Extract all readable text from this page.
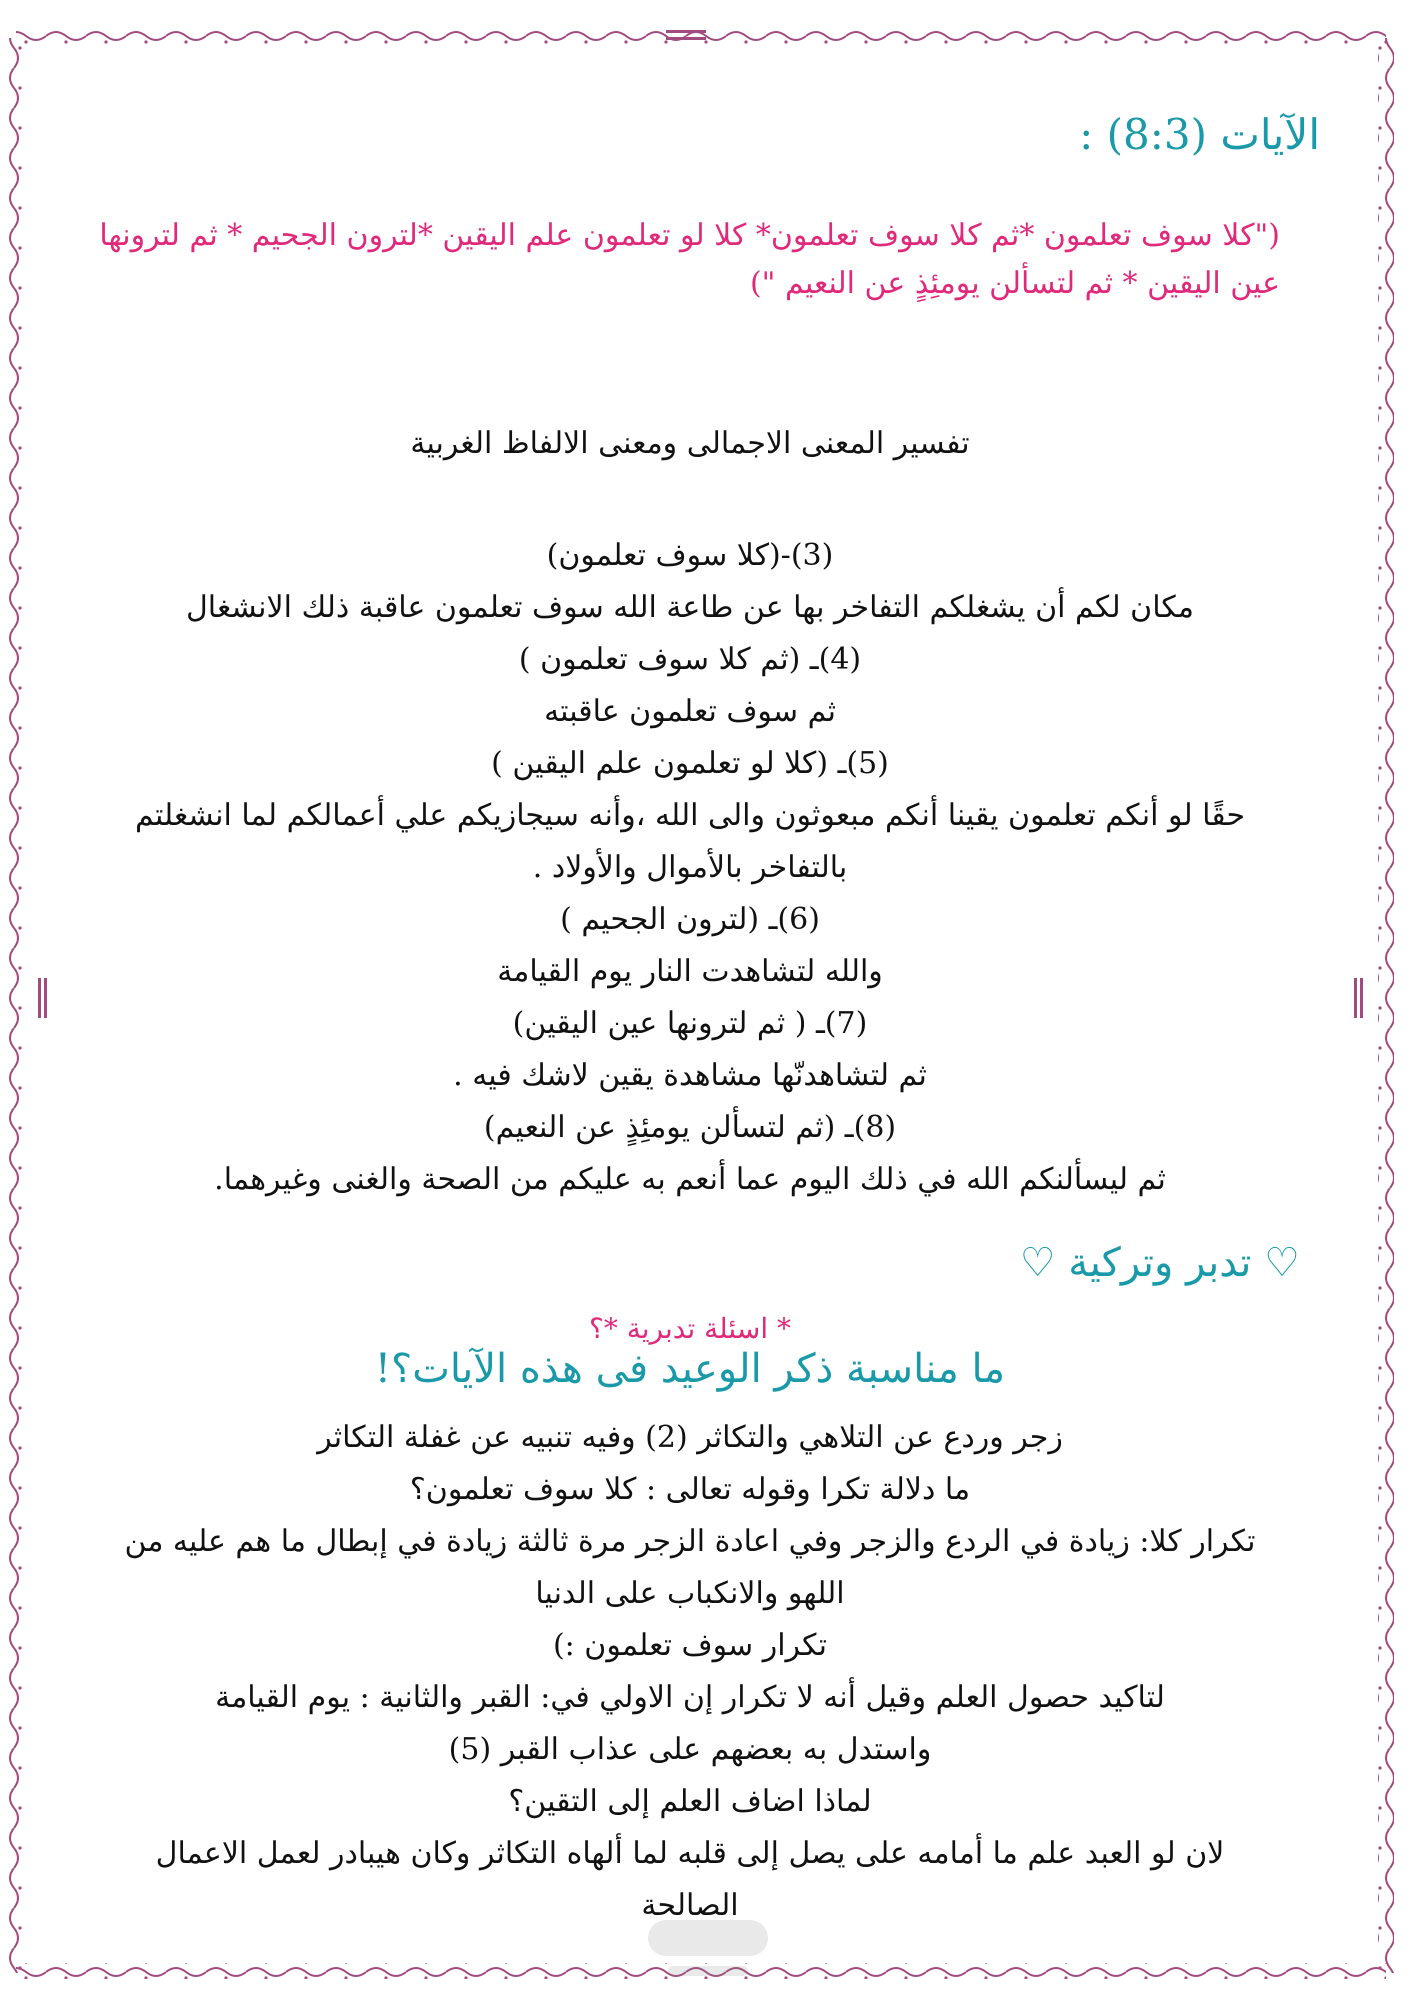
الآيات (8:3) :
("كلا سوف تعلمون *ثم كلا سوف تعلمون* كلا لو تعلمون علم اليقين *لترون الجحيم * ثم لترونها عين اليقين * ثم لتسألن يومئِذٍ عن النعيم ")
تفسير المعنى الاجمالى ومعنى الالفاظ الغربية
(3)-(كلا سوف تعلمون)
مكان لكم أن يشغلكم التفاخر بها عن طاعة الله سوف تعلمون عاقبة ذلك الانشغال
(4)ـ (ثم كلا سوف تعلمون )
ثم سوف تعلمون عاقبته
(5)ـ (كلا لو تعلمون علم اليقين )
حقًا لو أنكم تعلمون يقينا أنكم مبعوثون والى الله ،وأنه سيجازيكم علي أعمالكم لما انشغلتم
بالتفاخر بالأموال والأولاد .
(6)ـ (لترون الجحيم )
والله لتشاهدت النار يوم القيامة
(7)ـ ( ثم لترونها عين اليقين)
ثم لتشاهدنّها مشاهدة يقين لاشك فيه .
(8)ـ (ثم لتسألن يومئِذٍ عن النعيم)
ثم ليسألنكم الله في ذلك اليوم عما أنعم به عليكم من الصحة والغنى وغيرهما.
♡ تدبر وتركية ♡
* اسئلة تدبرية *؟
ما مناسبة ذكر الوعيد فى هذه الآيات؟!
زجر وردع عن التلاهي والتكاثر (2) وفيه تنبيه عن غفلة التكاثر
ما دلالة تكرا وقوله تعالى : كلا سوف تعلمون؟
تكرار كلا: زيادة في الردع والزجر وفي اعادة الزجر مرة ثالثة زيادة في إبطال ما هم عليه من
اللهو والانكباب على الدنيا
تكرار سوف تعلمون :)
لتاكيد حصول العلم وقيل أنه لا تكرار إن الاولي في: القبر والثانية : يوم القيامة
واستدل به بعضهم على عذاب القبر (5)
لماذا اضاف العلم إلى التقين؟
لان لو العبد علم ما أمامه على يصل إلى قلبه لما ألهاه التكاثر وكان هيبادر لعمل الاعمال
الصالحة
